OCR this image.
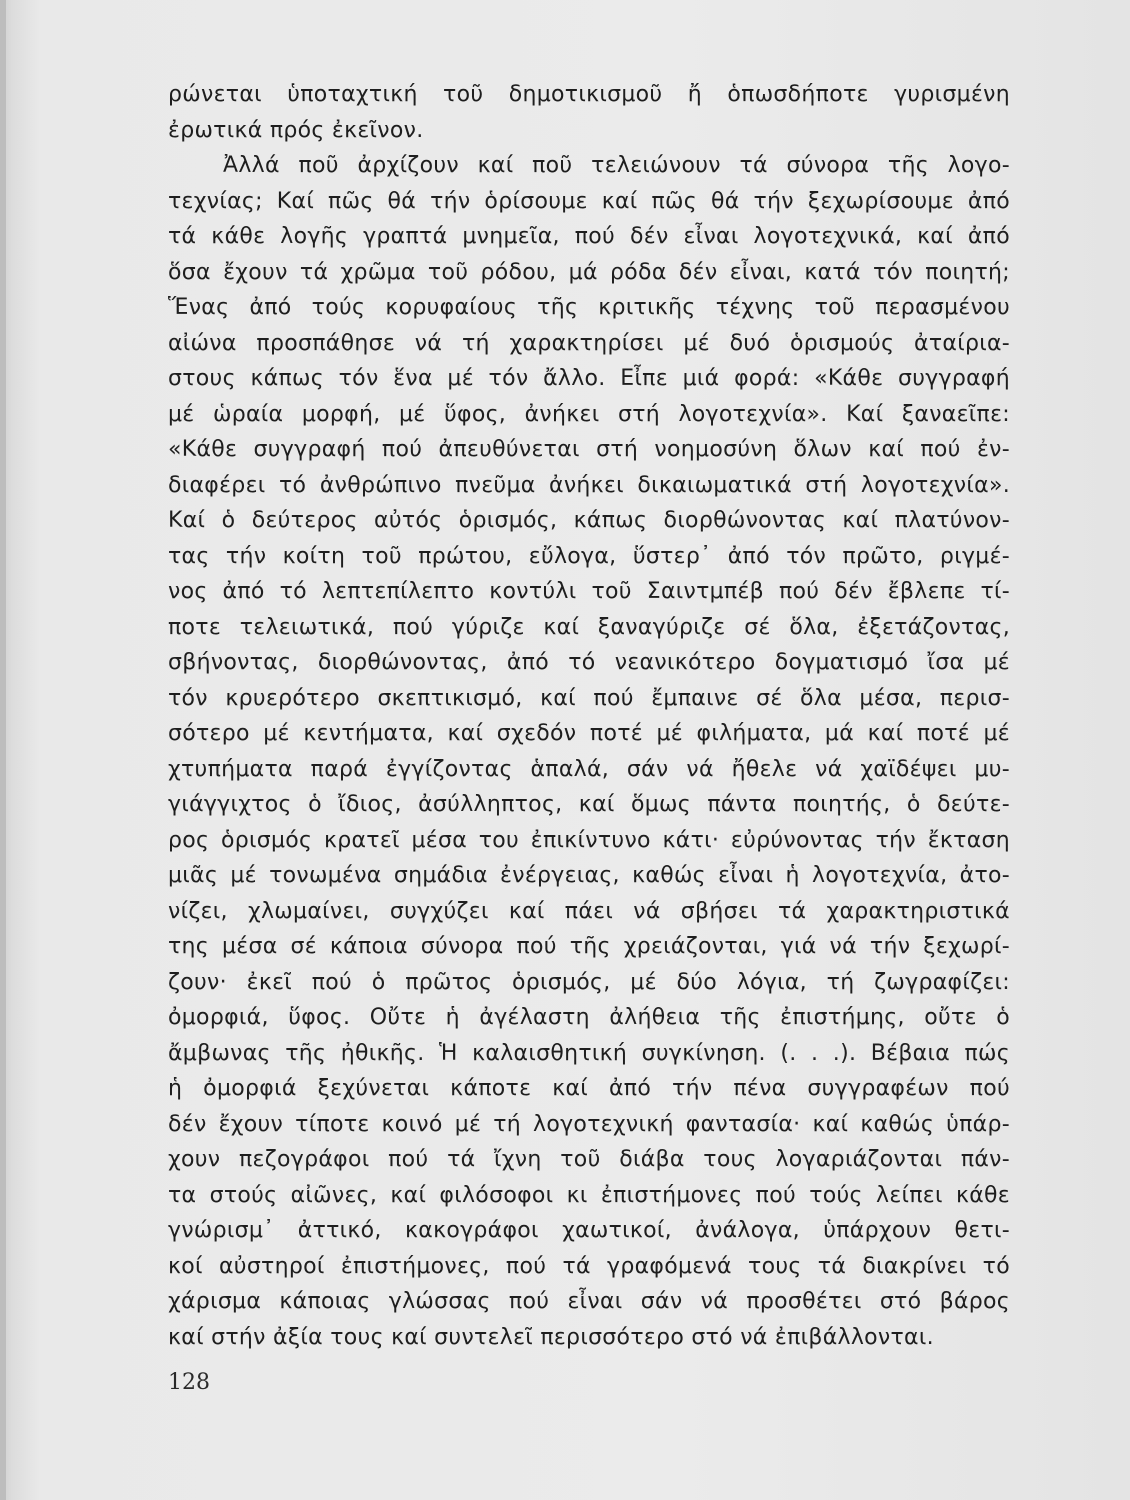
ρώνεται ὑποταχτική τοῦ δημοτικισμοῦ ἤ ὁπωσδήποτε γυρισμένη
ἐρωτικά πρός ἐκεῖνον.
Ἀλλά ποῦ ἀρχίζουν καί ποῦ τελειώνουν τά σύνορα τῆς λογο-
τεχνίας; Καί πῶς θά τήν ὁρίσουμε καί πῶς θά τήν ξεχωρίσουμε ἀπό
τά κάθε λογῆς γραπτά μνημεῖα, πού δέν εἶναι λογοτεχνικά, καί ἀπό
ὅσα ἔχουν τά χρῶμα τοῦ ρόδου, μά ρόδα δέν εἶναι, κατά τόν ποιητή;
Ἕνας ἀπό τούς κορυφαίους τῆς κριτικῆς τέχνης τοῦ περασμένου
αἰώνα προσπάθησε νά τή χαρακτηρίσει μέ δυό ὁρισμούς ἀταίρια-
στους κάπως τόν ἕνα μέ τόν ἄλλο. Εἶπε μιά φορά: «Κάθε συγγραφή
μέ ὡραία μορφή, μέ ὕφος, ἀνήκει στή λογοτεχνία». Καί ξαναεῖπε:
«Κάθε συγγραφή πού ἀπευθύνεται στή νοημοσύνη ὅλων καί πού ἐν-
διαφέρει τό ἀνθρώπινο πνεῦμα ἀνήκει δικαιωματικά στή λογοτεχνία».
Καί ὁ δεύτερος αὐτός ὁρισμός, κάπως διορθώνοντας καί πλατύνον-
τας τήν κοίτη τοῦ πρώτου, εὔλογα, ὕστερ᾽ ἀπό τόν πρῶτο, ριγμέ-
νος ἀπό τό λεπτεπίλεπτο κοντύλι τοῦ Σαιντμπέβ πού δέν ἔβλεπε τί-
ποτε τελειωτικά, πού γύριζε καί ξαναγύριζε σέ ὅλα, ἐξετάζοντας,
σβήνοντας, διορθώνοντας, ἀπό τό νεανικότερο δογματισμό ἴσα μέ
τόν κρυερότερο σκεπτικισμό, καί πού ἔμπαινε σέ ὅλα μέσα, περισ-
σότερο μέ κεντήματα, καί σχεδόν ποτέ μέ φιλήματα, μά καί ποτέ μέ
χτυπήματα παρά ἐγγίζοντας ἁπαλά, σάν νά ἤθελε νά χαϊδέψει μυ-
γιάγγιχτος ὁ ἴδιος, ἀσύλληπτος, καί ὅμως πάντα ποιητής, ὁ δεύτε-
ρος ὁρισμός κρατεῖ μέσα του ἐπικίντυνο κάτι· εὐρύνοντας τήν ἔκταση
μιᾶς μέ τονωμένα σημάδια ἐνέργειας, καθώς εἶναι ἡ λογοτεχνία, ἀτο-
νίζει, χλωμαίνει, συγχύζει καί πάει νά σβήσει τά χαρακτηριστικά
της μέσα σέ κάποια σύνορα πού τῆς χρειάζονται, γιά νά τήν ξεχωρί-
ζουν· ἐκεῖ πού ὁ πρῶτος ὁρισμός, μέ δύο λόγια, τή ζωγραφίζει:
ὀμορφιά, ὕφος. Οὔτε ἡ ἀγέλαστη ἀλήθεια τῆς ἐπιστήμης, οὔτε ὁ
ἄμβωνας τῆς ἠθικῆς. Ἡ καλαισθητική συγκίνηση. (. . .). Βέβαια πώς
ἡ ὀμορφιά ξεχύνεται κάποτε καί ἀπό τήν πένα συγγραφέων πού
δέν ἔχουν τίποτε κοινό μέ τή λογοτεχνική φαντασία· καί καθώς ὑπάρ-
χουν πεζογράφοι πού τά ἴχνη τοῦ διάβα τους λογαριάζονται πάν-
τα στούς αἰῶνες, καί φιλόσοφοι κι ἐπιστήμονες πού τούς λείπει κάθε
γνώρισμ᾽ ἀττικό, κακογράφοι χαωτικοί, ἀνάλογα, ὑπάρχουν θετι-
κοί αὐστηροί ἐπιστήμονες, πού τά γραφόμενά τους τά διακρίνει τό
χάρισμα κάποιας γλώσσας πού εἶναι σάν νά προσθέτει στό βάρος
καί στήν ἀξία τους καί συντελεῖ περισσότερο στό νά ἐπιβάλλονται.
128
